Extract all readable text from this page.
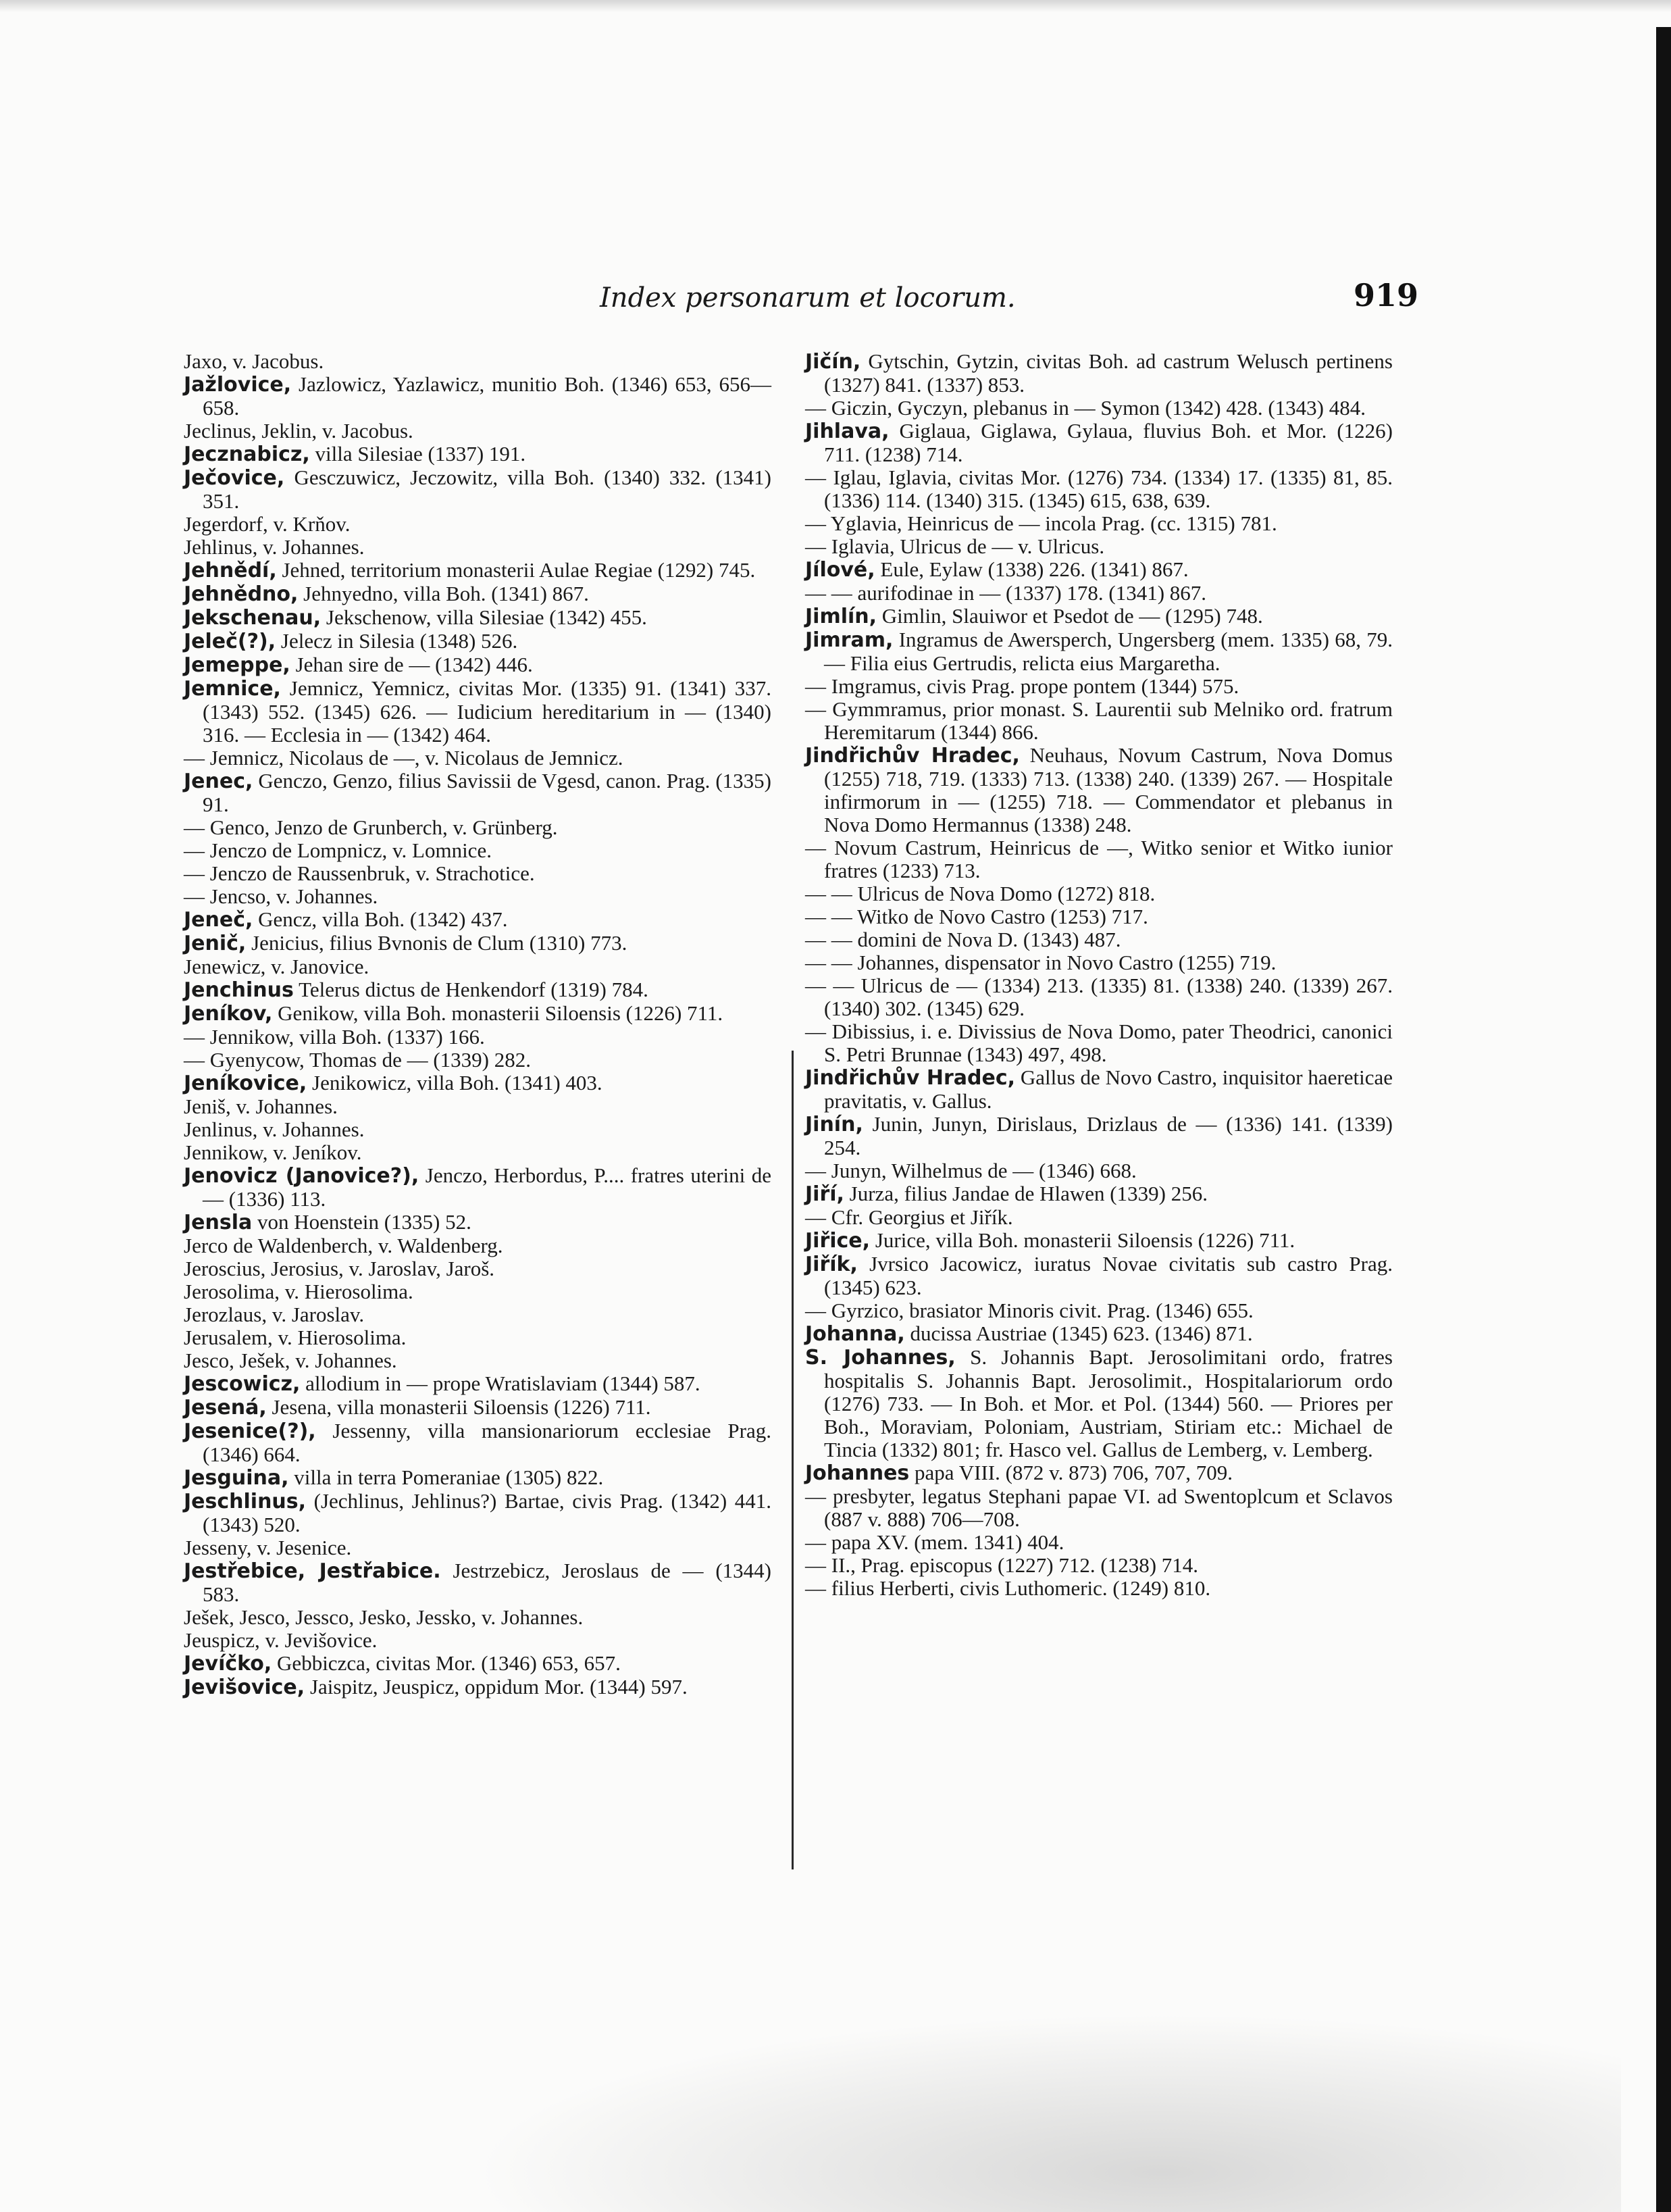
Index personarum et locorum.	919

Jaxo, v. Jacobus.

Jažlovice, Jazlowicz, Yazlawicz, munitio Boh. (1346) 653, 656—658.

Jeclinus, Jeklin, v. Jacobus.

Jecznabicz, villa Silesiae (1337) 191.

Ječovice, Gesczuwicz, Jeczowitz, villa Boh. (1340) 332. (1341) 351.

Jegerdorf, v. Krňov.

Jehlinus, v. Johannes.

Jehnědí, Jehned, territorium monasterii Aulae Regiae (1292) 745.

Jehnědno, Jehnyedno, villa Boh. (1341) 867.

Jekschenau, Jekschenow, villa Silesiae (1342) 455.

Jeleč(?), Jelecz in Silesia (1348) 526.

Jemeppe, Jehan sire de — (1342) 446.

Jemnice, Jemnicz, Yemnicz, civitas Mor. (1335) 91. (1341) 337. (1343) 552. (1345) 626. — Iudicium hereditarium in — (1340) 316. — Ecclesia in — (1342) 464.

— Jemnicz, Nicolaus de —, v. Nicolaus de Jemnicz.

Jenec, Genczo, Genzo, filius Savissii de Vgesd, canon. Prag. (1335) 91.

— Genco, Jenzo de Grunberch, v. Grünberg.

— Jenczo de Lompnicz, v. Lomnice.

— Jenczo de Raussenbruk, v. Strachotice.

— Jencso, v. Johannes.

Jeneč, Gencz, villa Boh. (1342) 437.

Jenič, Jenicius, filius Bvnonis de Clum (1310) 773.

Jenewicz, v. Janovice.

Jenchinus Telerus dictus de Henkendorf (1319) 784.

Jeníkov, Genikow, villa Boh. monasterii Siloensis (1226) 711.

— Jennikow, villa Boh. (1337) 166.

— Gyenycow, Thomas de — (1339) 282.

Jeníkovice, Jenikowicz, villa Boh. (1341) 403.

Jeniš, v. Johannes.

Jenlinus, v. Johannes.

Jennikow, v. Jeníkov.

Jenovicz (Janovice?), Jenczo, Herbordus, P.... fratres uterini de — (1336) 113.

Jensla von Hoenstein (1335) 52.

Jerco de Waldenberch, v. Waldenberg.

Jeroscius, Jerosius, v. Jaroslav, Jaroš.

Jerosolima, v. Hierosolima.

Jerozlaus, v. Jaroslav.

Jerusalem, v. Hierosolima.

Jesco, Ješek, v. Johannes.

Jescowicz, allodium in — prope Wratislaviam (1344) 587.

Jesená, Jesena, villa monasterii Siloensis (1226) 711.

Jesenice(?), Jessenny, villa mansionariorum ecclesiae Prag. (1346) 664.

Jesguina, villa in terra Pomeraniae (1305) 822.

Jeschlinus, (Jechlinus, Jehlinus?) Bartae, civis Prag. (1342) 441. (1343) 520.

Jesseny, v. Jesenice.

Jestřebice, Jestřabice. Jestrzebicz, Jeroslaus de — (1344) 583.

Ješek, Jesco, Jessco, Jesko, Jessko, v. Johannes.

Jeuspicz, v. Jevišovice.

Jevíčko, Gebbiczca, civitas Mor. (1346) 653, 657.

Jevišovice, Jaispitz, Jeuspicz, oppidum Mor. (1344) 597.

Jičín, Gytschin, Gytzin, civitas Boh. ad castrum Welusch pertinens (1327) 841. (1337) 853.

— Giczin, Gyczyn, plebanus in — Symon (1342) 428. (1343) 484.

Jihlava, Giglaua, Giglawa, Gylaua, fluvius Boh. et Mor. (1226) 711. (1238) 714.

— Iglau, Iglavia, civitas Mor. (1276) 734. (1334) 17. (1335) 81, 85. (1336) 114. (1340) 315. (1345) 615, 638, 639.

— Yglavia, Heinricus de — incola Prag. (cc. 1315) 781.

— Iglavia, Ulricus de — v. Ulricus.

Jílové, Eule, Eylaw (1338) 226. (1341) 867.

— — aurifodinae in — (1337) 178. (1341) 867.

Jimlín, Gimlin, Slauiwor et Psedot de — (1295) 748.

Jimram, Ingramus de Awersperch, Ungersberg (mem. 1335) 68, 79. — Filia eius Gertrudis, relicta eius Margaretha.

— Imgramus, civis Prag. prope pontem (1344) 575.

— Gymmramus, prior monast. S. Laurentii sub Melniko ord. fratrum Heremitarum (1344) 866.

Jindřichův Hradec, Neuhaus, Novum Castrum, Nova Domus (1255) 718, 719. (1333) 713. (1338) 240. (1339) 267. — Hospitale infirmorum in — (1255) 718. — Commendator et plebanus in Nova Domo Hermannus (1338) 248.

— Novum Castrum, Heinricus de —, Witko senior et Witko iunior fratres (1233) 713.

— — Ulricus de Nova Domo (1272) 818.

— — Witko de Novo Castro (1253) 717.

— — domini de Nova D. (1343) 487.

— — Johannes, dispensator in Novo Castro (1255) 719.

— — Ulricus de — (1334) 213. (1335) 81. (1338) 240. (1339) 267. (1340) 302. (1345) 629.

— Dibissius, i. e. Divissius de Nova Domo, pater Theodrici, canonici S. Petri Brunnae (1343) 497, 498.

Jindřichův Hradec, Gallus de Novo Castro, inquisitor haereticae pravitatis, v. Gallus.

Jinín, Junin, Junyn, Dirislaus, Drizlaus de — (1336) 141. (1339) 254.

— Junyn, Wilhelmus de — (1346) 668.

Jiří, Jurza, filius Jandae de Hlawen (1339) 256.

— Cfr. Georgius et Jiřík.

Jiřice, Jurice, villa Boh. monasterii Siloensis (1226) 711.

Jiřík, Jvrsico Jacowicz, iuratus Novae civitatis sub castro Prag. (1345) 623.

— Gyrzico, brasiator Minoris civit. Prag. (1346) 655.

Johanna, ducissa Austriae (1345) 623. (1346) 871.

S. Johannes, S. Johannis Bapt. Jerosolimitani ordo, fratres hospitalis S. Johannis Bapt. Jerosolimit., Hospitalariorum ordo (1276) 733. — In Boh. et Mor. et Pol. (1344) 560. — Priores per Boh., Moraviam, Poloniam, Austriam, Stiriam etc.: Michael de Tincia (1332) 801; fr. Hasco vel. Gallus de Lemberg, v. Lemberg.

Johannes papa VIII. (872 v. 873) 706, 707, 709.

— presbyter, legatus Stephani papae VI. ad Swentoplcum et Sclavos (887 v. 888) 706—708.

— papa XV. (mem. 1341) 404.

— II., Prag. episcopus (1227) 712. (1238) 714.

— filius Herberti, civis Luthomeric. (1249) 810.
